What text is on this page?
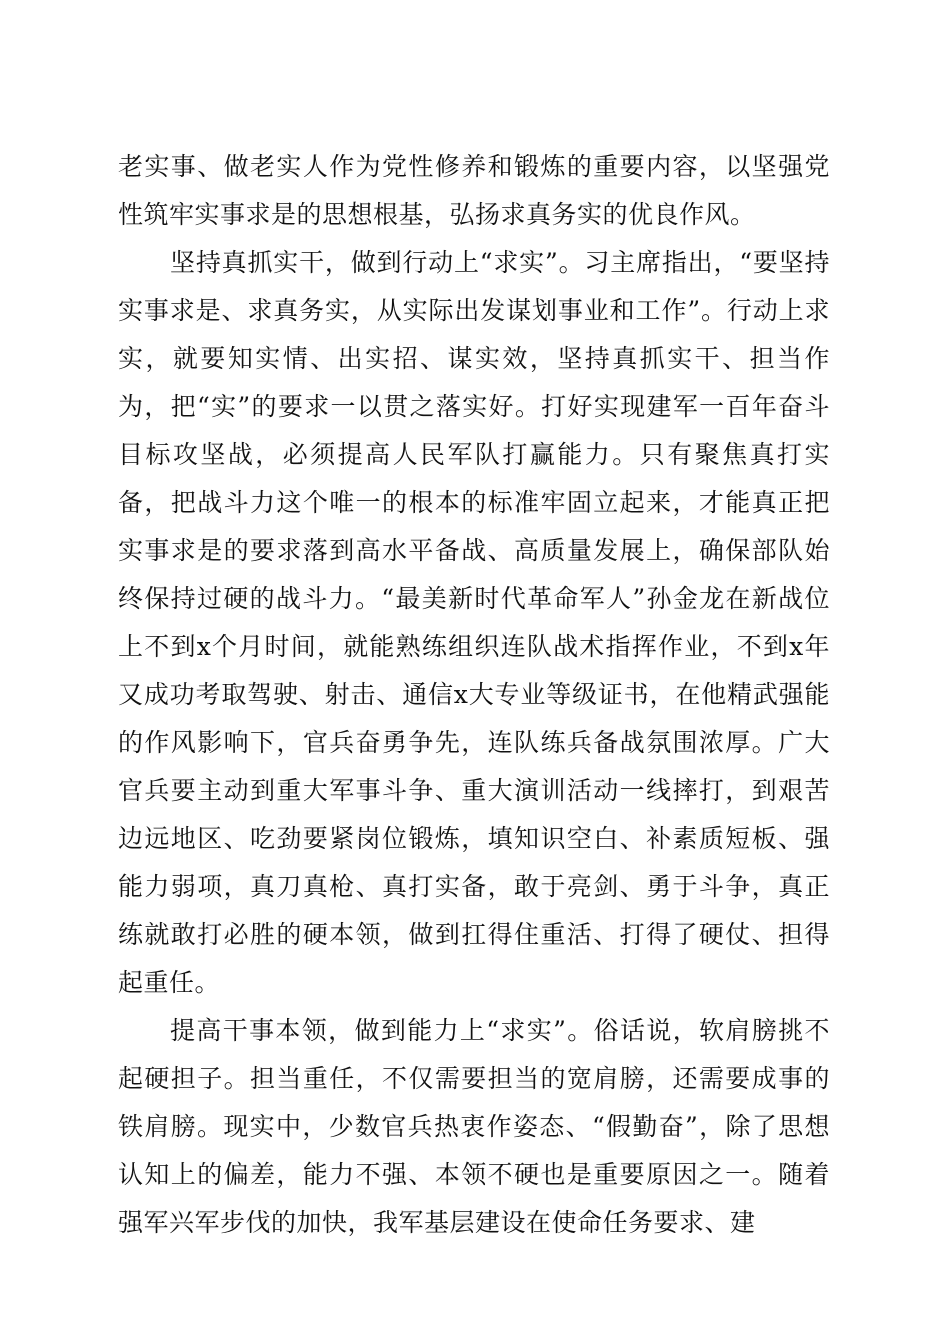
老实事、做老实人作为党性修养和锻炼的重要内容，以坚强党性筑牢实事求是的思想根基，弘扬求真务实的优良作风。

坚持真抓实干，做到行动上“求实”。习主席指出，“要坚持实事求是、求真务实，从实际出发谋划事业和工作”。行动上求实，就要知实情、出实招、谋实效，坚持真抓实干、担当作为，把“实”的要求一以贯之落实好。打好实现建军一百年奋斗目标攻坚战，必须提高人民军队打赢能力。只有聚焦真打实备，把战斗力这个唯一的根本的标准牢固立起来，才能真正把实事求是的要求落到高水平备战、高质量发展上，确保部队始终保持过硬的战斗力。“最美新时代革命军人”孙金龙在新战位上不到x个月时间，就能熟练组织连队战术指挥作业，不到x年又成功考取驾驶、射击、通信x大专业等级证书，在他精武强能的作风影响下，官兵奋勇争先，连队练兵备战氛围浓厚。广大官兵要主动到重大军事斗争、重大演训活动一线摔打，到艰苦边远地区、吃劲要紧岗位锻炼，填知识空白、补素质短板、强能力弱项，真刀真枪、真打实备，敢于亮剑、勇于斗争，真正练就敢打必胜的硬本领，做到扛得住重活、打得了硬仗、担得起重任。

提高干事本领，做到能力上“求实”。俗话说，软肩膀挑不起硬担子。担当重任，不仅需要担当的宽肩膀，还需要成事的铁肩膀。现实中，少数官兵热衷作姿态、“假勤奋”，除了思想认知上的偏差，能力不强、本领不硬也是重要原因之一。随着强军兴军步伐的加快，我军基层建设在使命任务要求、建
